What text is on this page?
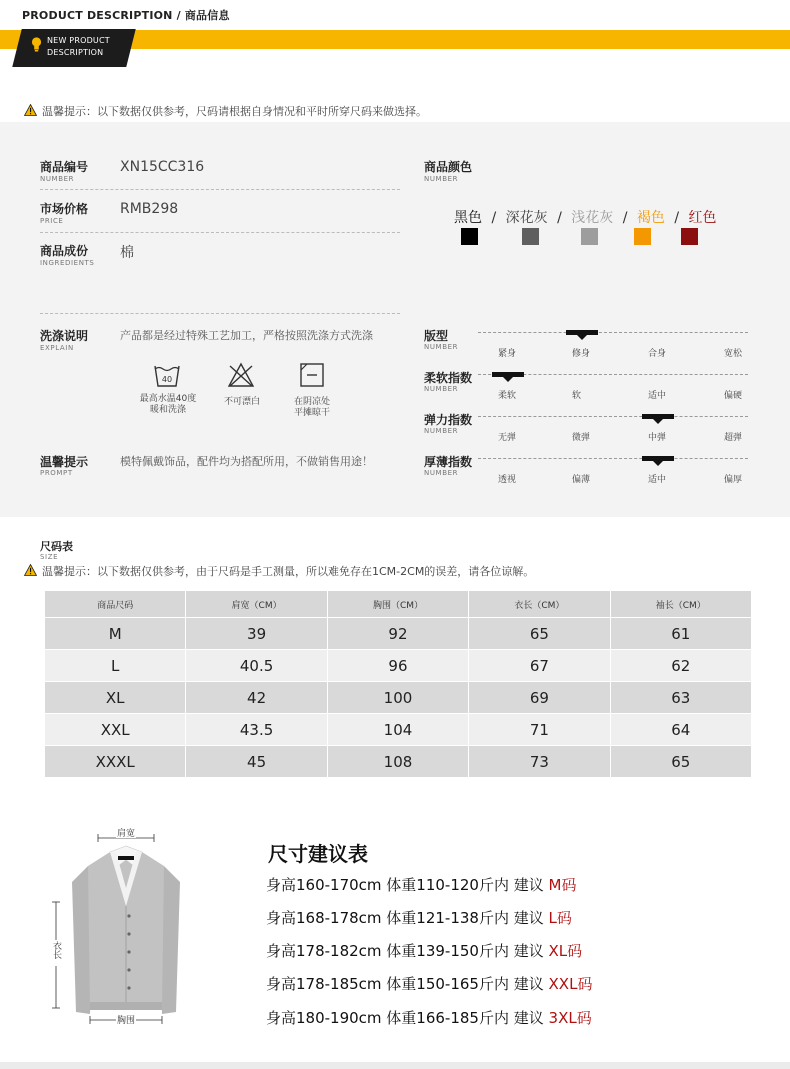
PRODUCT DESCRIPTION / 商品信息
NEW PRODUCT
DESCRIPTION
温馨提示：以下数据仅供参考，尺码请根据自身情况和平时所穿尺码来做选择。
商品编号
NUMBER
XN15CC316
市场价格
PRICE
RMB298
商品成份
INGREDIENTS
棉
商品颜色
NUMBER
黑色 / 深花灰 / 浅花灰 / 褐色 / 红色
洗涤说明
EXPLAIN
产品都是经过特殊工艺加工，严格按照洗涤方式洗涤
40
最高水温40度
暖和洗涤
不可漂白	在阴凉处
平摊晾干
温馨提示
PROMPT
模特佩戴饰品，配件均为搭配所用，不做销售用途！
版型
NUMBER
紧身	修身	合身	宽松
柔软指数
NUMBER
柔软	软	适中	偏硬
弹力指数
NUMBER
无弹	微弹	中弹	超弹
厚薄指数
NUMBER
透视	偏薄	适中	偏厚
尺码表
SIZE
温馨提示：以下数据仅供参考，由于尺码是手工测量，所以难免存在1CM-2CM的误差，请各位谅解。
商品尺码	肩宽（CM）	胸围（CM）	衣长（CM）	袖长（CM）
M	39	92	65	61
L	40.5	96	67	62
XL	42	100	69	63
XXL	43.5	104	71	64
XXXL	45	108	73	65
肩宽
衣长
胸围
尺寸建议表
身高160-170cm 体重110-120斤内 建议 M码
身高168-178cm 体重121-138斤内 建议 L码
身高178-182cm 体重139-150斤内 建议 XL码
身高178-185cm 体重150-165斤内 建议 XXL码
身高180-190cm 体重166-185斤内 建议 3XL码
